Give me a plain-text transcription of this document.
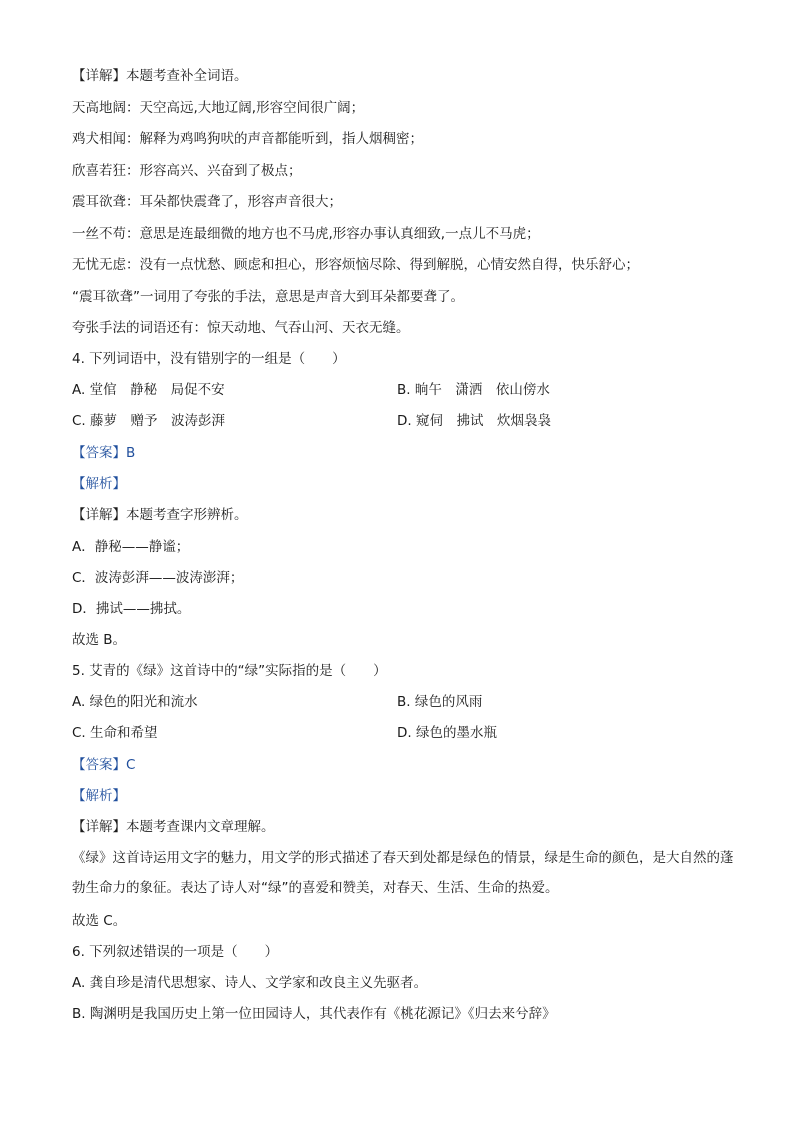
【详解】本题考查补全词语。
天高地阔：天空高远,大地辽阔,形容空间很广阔；
鸡犬相闻：解释为鸡鸣狗吠的声音都能听到，指人烟稠密；
欣喜若狂：形容高兴、兴奋到了极点；
震耳欲聋：耳朵都快震聋了，形容声音很大；
一丝不苟：意思是连最细微的地方也不马虎,形容办事认真细致,一点儿不马虎；
无忧无虑：没有一点忧愁、顾虑和担心，形容烦恼尽除、得到解脱，心情安然自得，快乐舒心；
“震耳欲聋”一词用了夸张的手法，意思是声音大到耳朵都要聋了。
夸张手法的词语还有：惊天动地、气吞山河、天衣无缝。
4. 下列词语中，没有错别字的一组是（　　）
A. 堂倌　静秘　局促不安	B. 晌午　潇洒　依山傍水
C. 藤萝　赠予　波涛彭湃	D. 窥伺　拂试　炊烟袅袅
【答案】B
【解析】
【详解】本题考查字形辨析。
A．静秘——静谧；
C．波涛彭湃——波涛澎湃；
D．拂试——拂拭。
故选 B。
5. 艾青的《绿》这首诗中的“绿”实际指的是（　　）
A. 绿色的阳光和流水	B. 绿色的风雨
C. 生命和希望	D. 绿色的墨水瓶
【答案】C
【解析】
【详解】本题考查课内文章理解。
《绿》这首诗运用文字的魅力，用文学的形式描述了春天到处都是绿色的情景，绿是生命的颜色，是大自然的蓬勃生命力的象征。表达了诗人对“绿”的喜爱和赞美，对春天、生活、生命的热爱。
故选 C。
6. 下列叙述错误的一项是（　　）
A. 龚自珍是清代思想家、诗人、文学家和改良主义先驱者。
B. 陶渊明是我国历史上第一位田园诗人，其代表作有《桃花源记》《归去来兮辞》
